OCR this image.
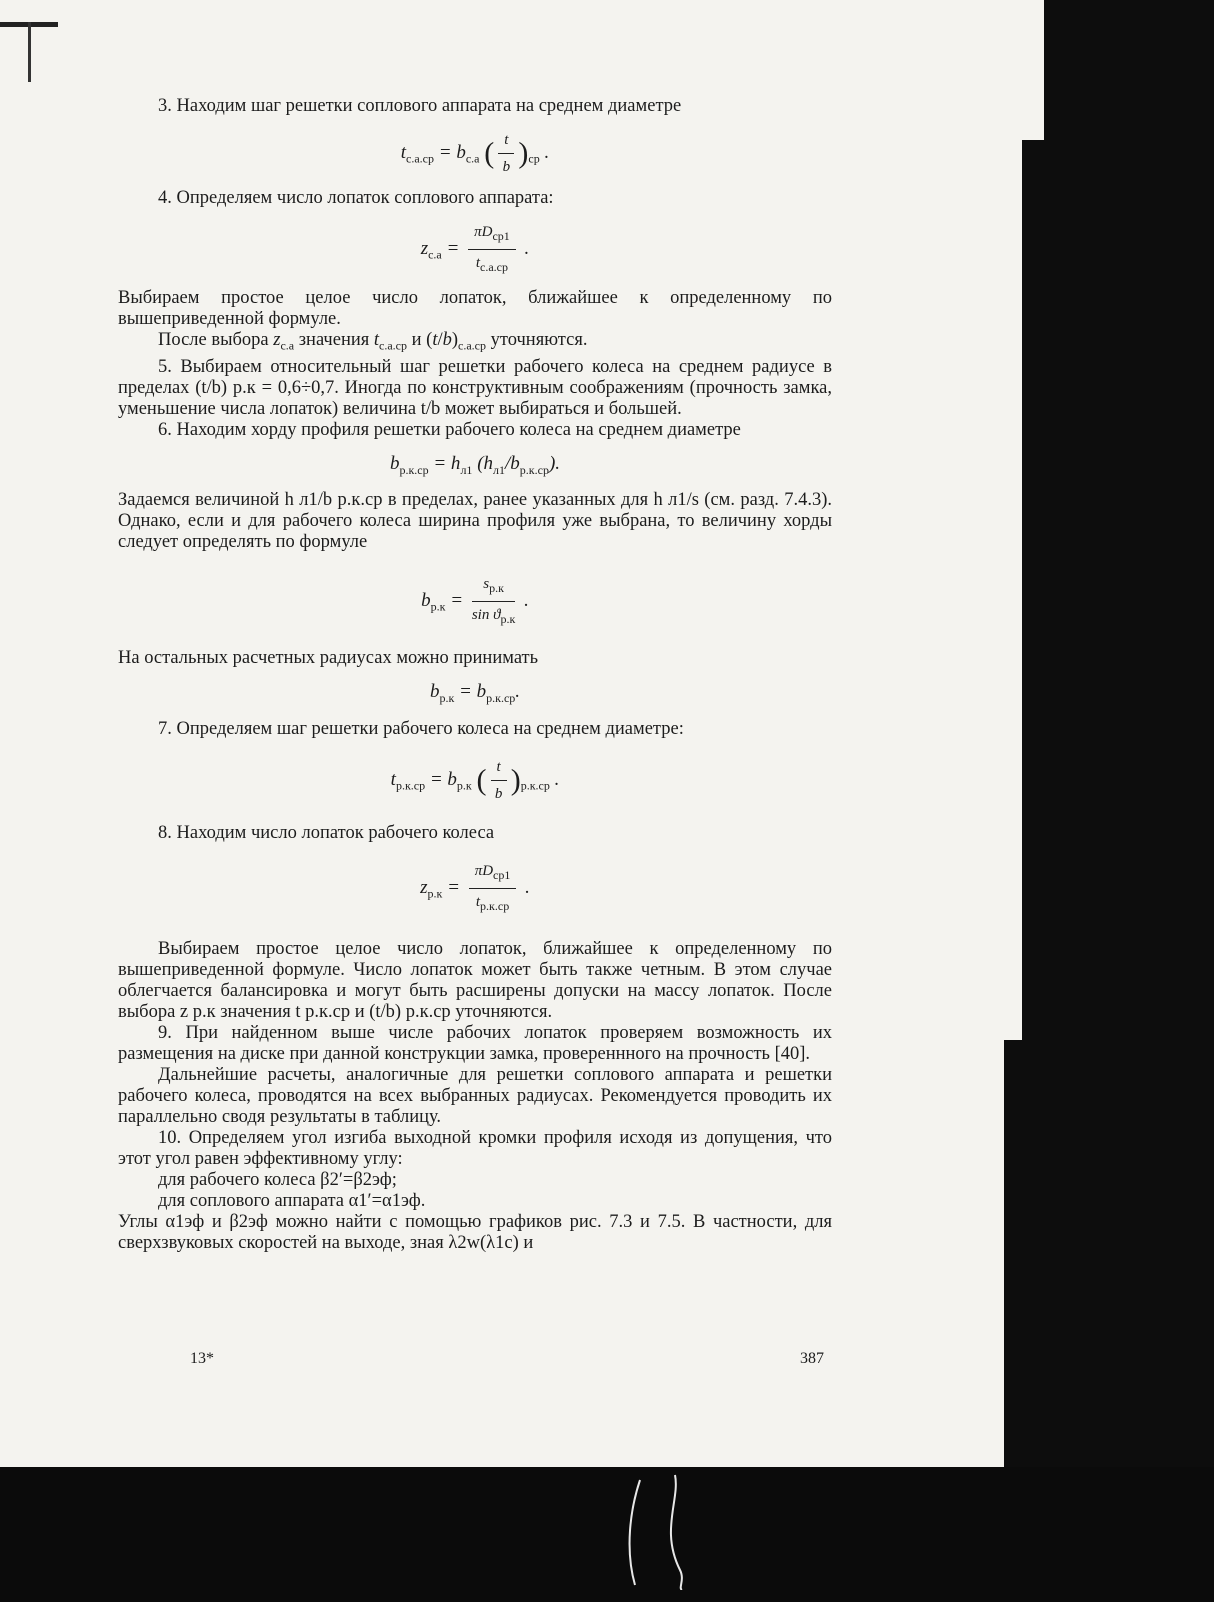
3. Находим шаг решетки соплового аппарата на среднем диаметре

$t_{с.а.ср} = b_{с.а}$ ( $\frac{t}{b} )_{ср}$ .

4. Определяем число лопаток соплового аппарата:

$z_{с.а} = \frac{\pi D_{ср1}}{t_{с.а.ср}}$ .

Выбираем простое целое число лопаток, ближайшее к определенному по вышеприведенной формуле.

После выбора $z_{с.а}$ значения $t_{с.а.ср}$ и $(t/b)_{с.а.ср}$ уточняются.

5. Выбираем относительный шаг решетки рабочего колеса на среднем радиусе в пределах (t/b) р.к = 0,6÷0,7. Иногда по конструктивным соображениям (прочность замка, уменьшение числа лопаток) величина t/b может выбираться и большей.

6. Находим хорду профиля решетки рабочего колеса на среднем диаметре

$b_{р.к.ср} = h_{л1}$ $(h_{л1}/b_{р.к.ср})$.

Задаемся величиной h л1/b р.к.ср в пределах, ранее указанных для h л1/s (см. разд. 7.4.3). Однако, если и для рабочего колеса ширина профиля уже выбрана, то величину хорды следует определять по формуле

$b_{р.к} = \frac{s_{р.к}}{\sin ϑ_{р.к}}$ .

На остальных расчетных радиусах можно принимать

$b_{р.к} = b_{р.к.ср}$.

7. Определяем шаг решетки рабочего колеса на среднем диаметре:

$t_{р.к.ср} = b_{р.к}$ ( $\frac{t}{b} )_{р.к.ср}$ .

8. Находим число лопаток рабочего колеса

$z_{р.к} = \frac{\pi D_{ср1}}{t_{р.к.ср}}$ .

Выбираем простое целое число лопаток, ближайшее к определенному по вышеприведенной формуле. Число лопаток может быть также четным. В этом случае облегчается балансировка и могут быть расширены допуски на массу лопаток. После выбора z р.к значения t р.к.ср и (t/b) р.к.ср уточняются.

9. При найденном выше числе рабочих лопаток проверяем возможность их размещения на диске при данной конструкции замка, провереннного на прочность [40].

Дальнейшие расчеты, аналогичные для решетки соплового аппарата и решетки рабочего колеса, проводятся на всех выбранных радиусах. Рекомендуется проводить их параллельно сводя результаты в таблицу.

10. Определяем угол изгиба выходной кромки профиля исходя из допущения, что этот угол равен эффективному углу:

для рабочего колеса β2′=β2эф;

для соплового аппарата α1′=α1эф.

Углы α1эф и β2эф можно найти с помощью графиков рис. 7.3 и 7.5. В частности, для сверхзвуковых скоростей на выходе, зная λ2w(λ1c) и

13*	387
